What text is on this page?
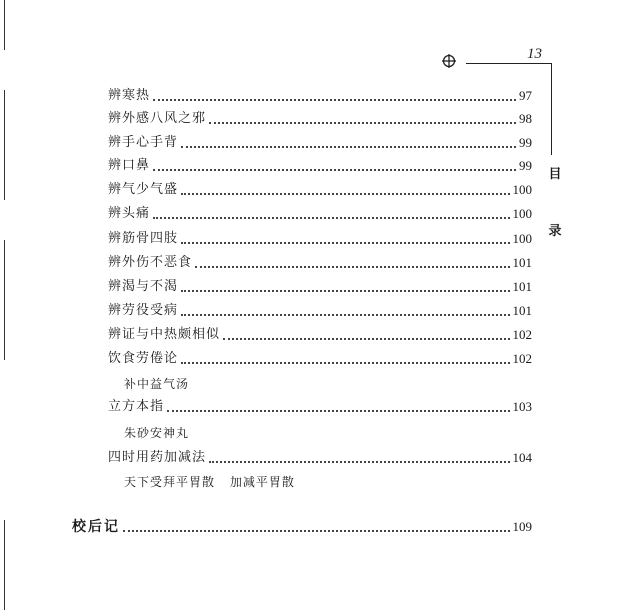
13
目
录
辨寒热	97
辨外感八风之邪	98
辨手心手背	99
辨口鼻	99
辨气少气盛	100
辨头痛	100
辨筋骨四肢	100
辨外伤不恶食	101
辨渴与不渴	101
辨劳役受病	101
辨证与中热颇相似	102
饮食劳倦论	102
补中益气汤
立方本指	103
朱砂安神丸
四时用药加减法	104
天下受拜平胃散 加减平胃散
校后记	109
